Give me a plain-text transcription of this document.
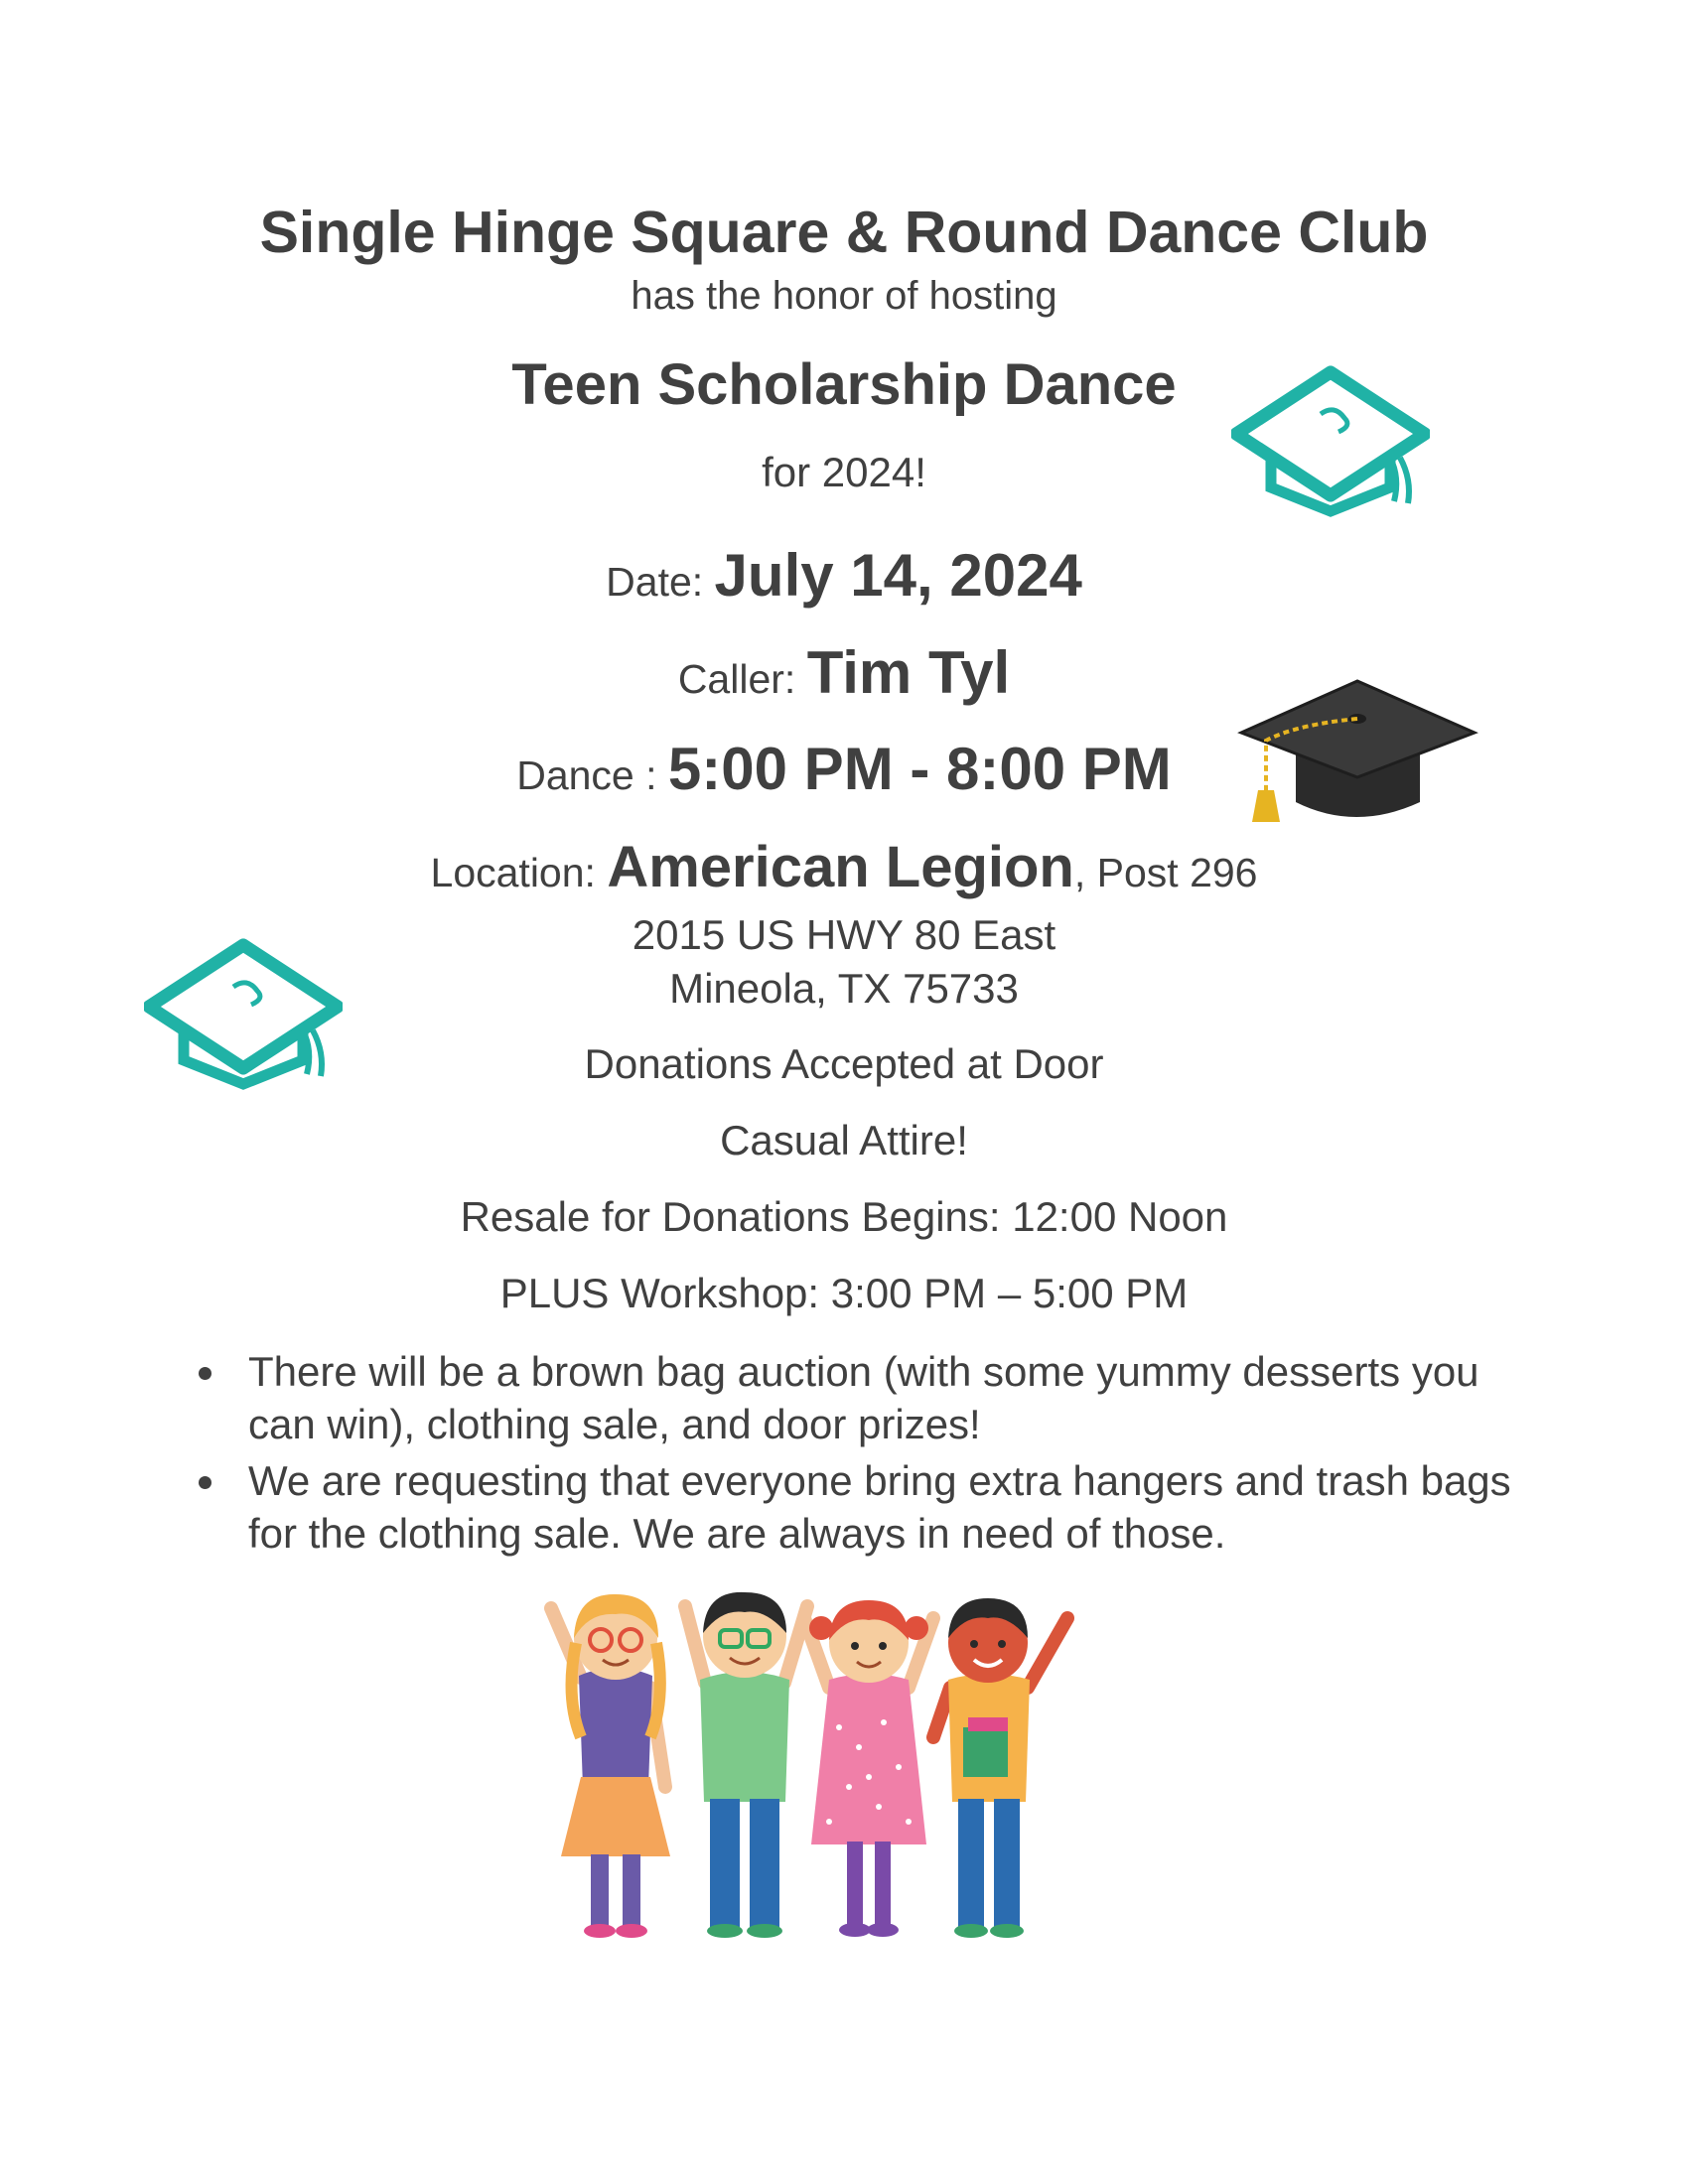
Single Hinge Square & Round Dance Club
has the honor of hosting
Teen Scholarship Dance
for 2024!
Date: July 14, 2024
Caller: Tim Tyl
Dance : 5:00 PM - 8:00 PM
Location: American Legion, Post 296
2015 US HWY 80 East
Mineola, TX 75733
Donations Accepted at Door
Casual Attire!
Resale for Donations Begins: 12:00 Noon
PLUS Workshop: 3:00 PM – 5:00 PM
There will be a brown bag auction (with some yummy desserts you can win), clothing sale, and door prizes!
We are requesting that everyone bring extra hangers and trash bags for the clothing sale. We are always in need of those.
